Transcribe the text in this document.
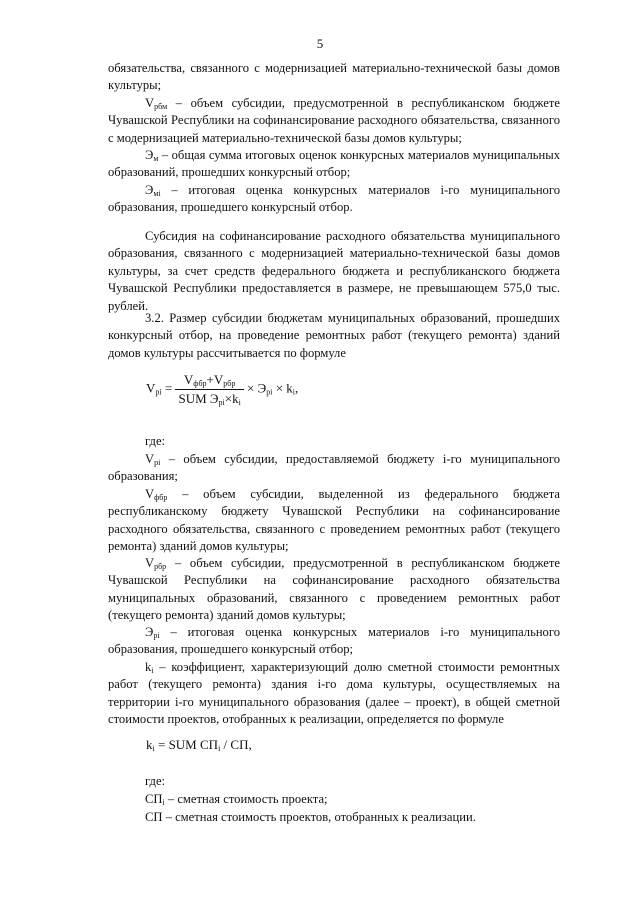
5

обязательства, связанного с модернизацией материально-технической базы домов культуры;

$V_{рбм}$ – объем субсидии, предусмотренной в республиканском бюджете Чувашской Республики на софинансирование расходного обязательства, связанного с модернизацией материально-технической базы домов культуры;

$Э_м$ – общая сумма итоговых оценок конкурсных материалов муниципальных образований, прошедших конкурсный отбор;

$Э_{мi}$ – итоговая оценка конкурсных материалов i-го муниципального образования, прошедшего конкурсный отбор.

Субсидия на софинансирование расходного обязательства муниципального образования, связанного с модернизацией материально-технической базы домов культуры, за счет средств федерального бюджета и республиканского бюджета Чувашской Республики предоставляется в размере, не превышающем 575,0 тыс. рублей.

3.2. Размер субсидии бюджетам муниципальных образований, прошедших конкурсный отбор, на проведение ремонтных работ (текущего ремонта) зданий домов культуры рассчитывается по формуле

$V_{рi} = \frac{V_{фбр}+V_{рбр}}{SUM Э_{рi}\times k_i} \times Э_{рi} \times k_i$,

где:

$V_{рi}$ – объем субсидии, предоставляемой бюджету i-го муниципального образования;

$V_{фбр}$ – объем субсидии, выделенной из федерального бюджета республиканскому бюджету Чувашской Республики на софинансирование расходного обязательства, связанного с проведением ремонтных работ (текущего ремонта) зданий домов культуры;

$V_{рбр}$ – объем субсидии, предусмотренной в республиканском бюджете Чувашской Республики на софинансирование расходного обязательства муниципальных образований, связанного с проведением ремонтных работ (текущего ремонта) зданий домов культуры;

$Э_{рi}$ – итоговая оценка конкурсных материалов i-го муниципального образования, прошедшего конкурсный отбор;

$k_i$ – коэффициент, характеризующий долю сметной стоимости ремонтных работ (текущего ремонта) здания i-го дома культуры, осуществляемых на территории i-го муниципального образования (далее – проект), в общей сметной стоимости проектов, отобранных к реализации, определяется по формуле

$k_i$ = SUM $СП_i$ / СП,

где:

$СП_i$ – сметная стоимость проекта;

СП – сметная стоимость проектов, отобранных к реализации.
